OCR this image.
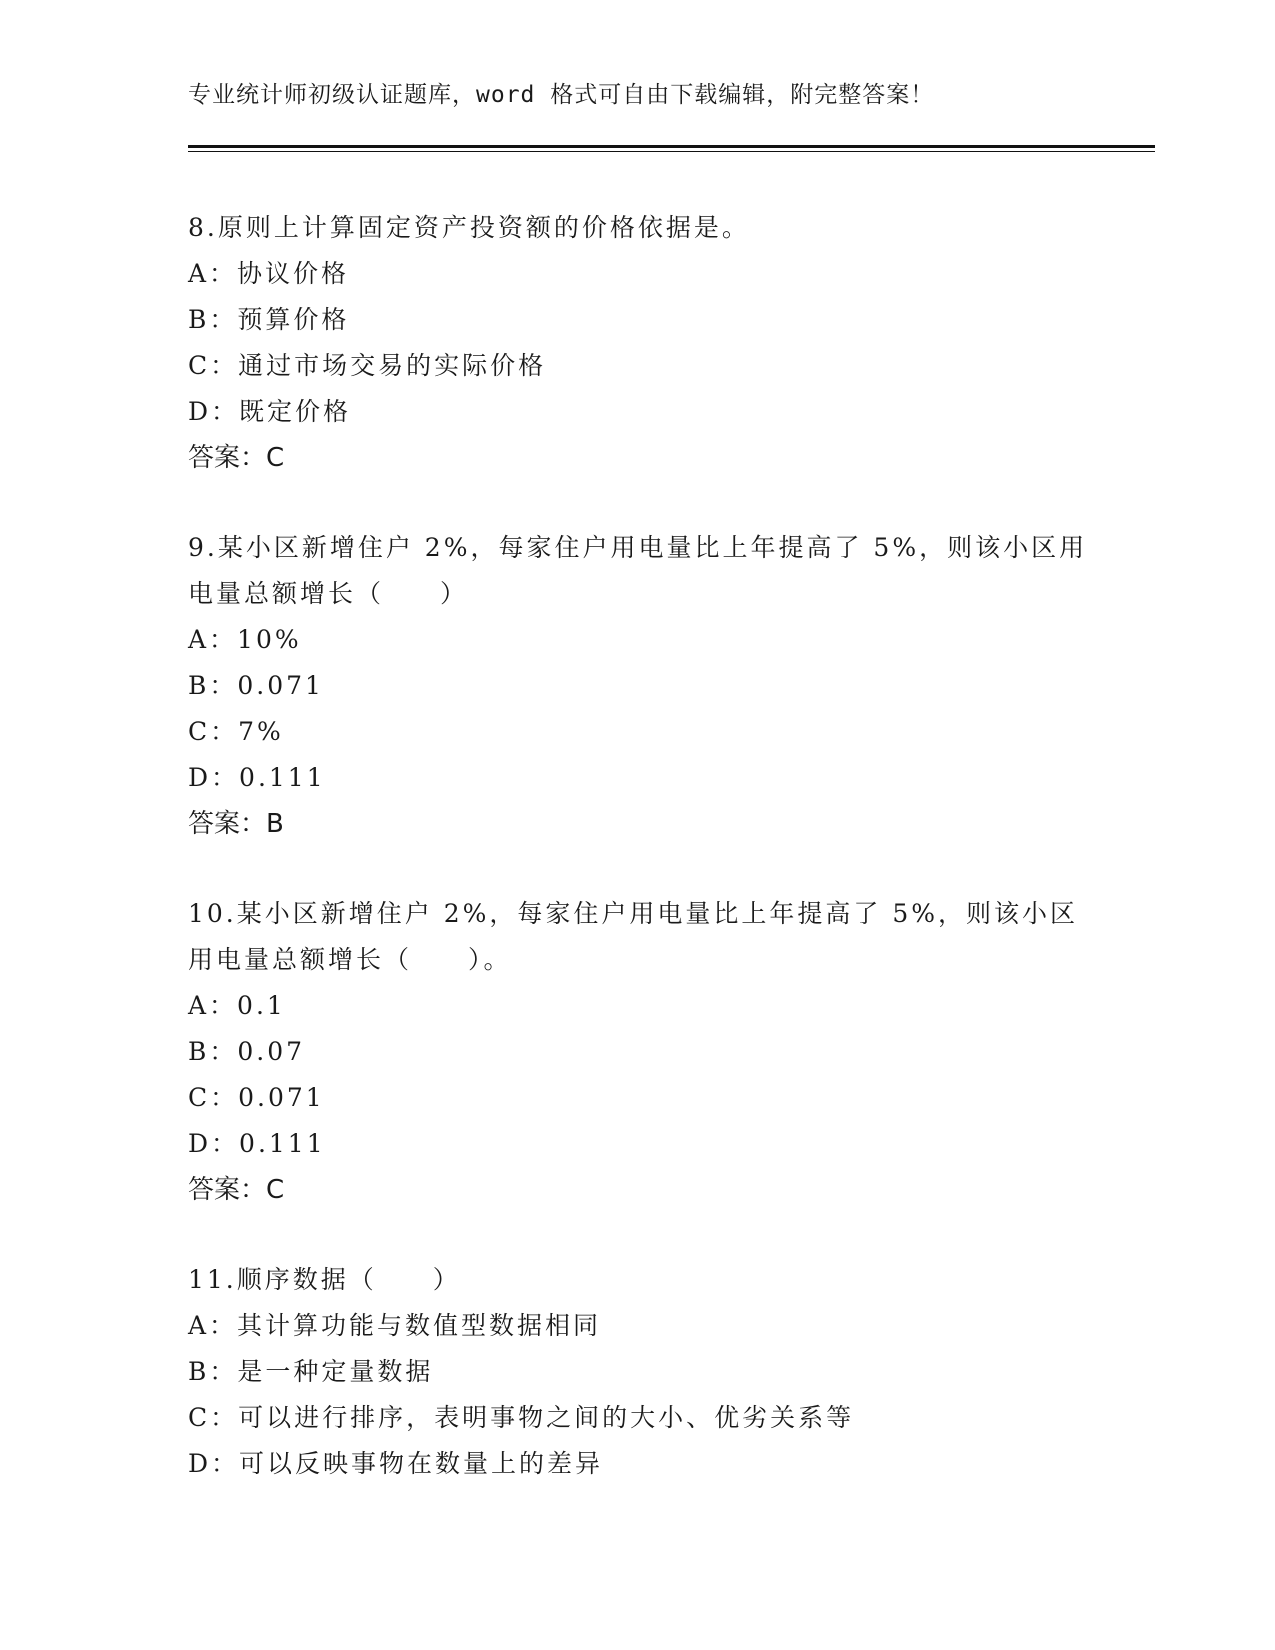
专业统计师初级认证题库，word 格式可自由下载编辑，附完整答案！
8.原则上计算固定资产投资额的价格依据是。
A：协议价格
B：预算价格
C：通过市场交易的实际价格
D：既定价格
答案：C
9.某小区新增住户 2%，每家住户用电量比上年提高了 5%，则该小区用电量总额增长（　　）
A：10%
B：0.071
C：7%
D：0.111
答案：B
10.某小区新增住户 2%，每家住户用电量比上年提高了 5%，则该小区用电量总额增长（　　）。
A：0.1
B：0.07
C：0.071
D：0.111
答案：C
11.顺序数据（　　）
A：其计算功能与数值型数据相同
B：是一种定量数据
C：可以进行排序，表明事物之间的大小、优劣关系等
D：可以反映事物在数量上的差异
